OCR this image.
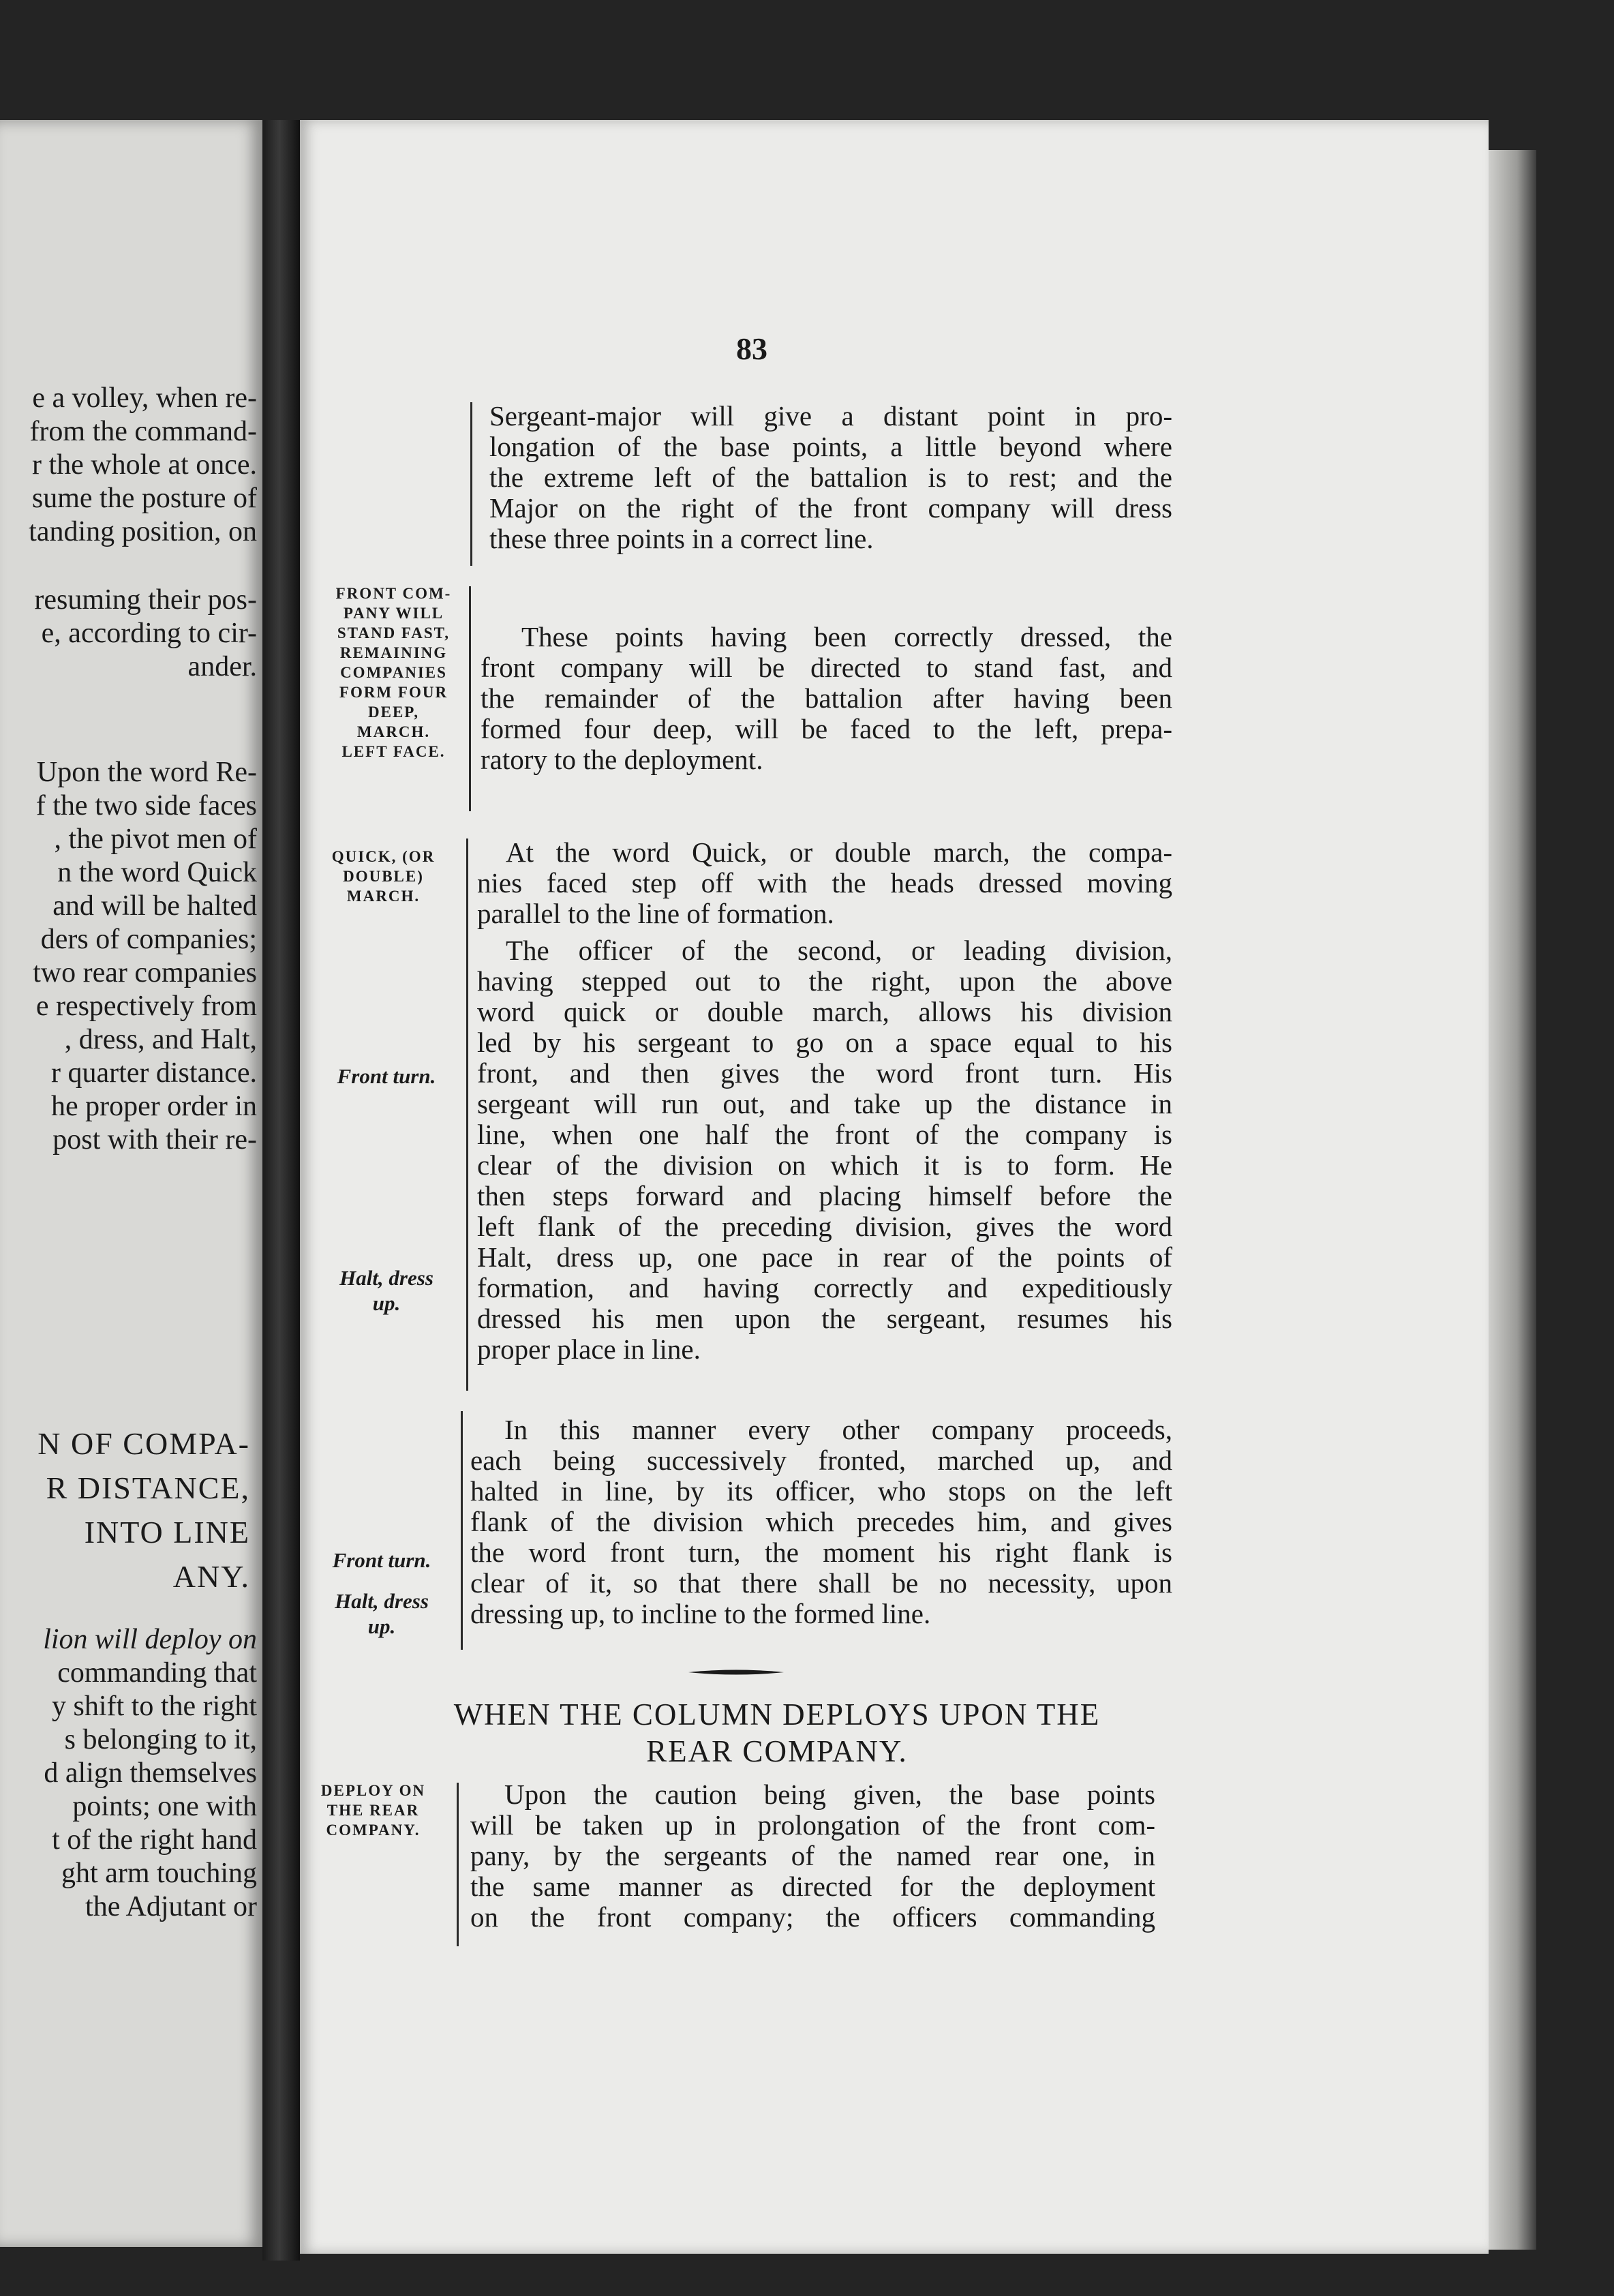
e a volley, when re-
from the command-
r the whole at once.
sume the posture of
tanding position, on
resuming their pos-
e, according to cir-
ander.
Upon the word Re-
f the two side faces
, the pivot men of
n the word Quick
and will be halted
ders of companies;
two rear companies
e respectively from
, dress, and Halt,
r quarter distance.
he proper order in
post with their re-
N OF COMPA-
R DISTANCE,
INTO LINE
ANY.
lion will deploy on
commanding that
y shift to the right
s belonging to it,
d align themselves
points; one with
t of the right hand
ght arm touching
the Adjutant or
83
Sergeant-major will give a distant point in pro-
longation of the base points, a little beyond where
the extreme left of the battalion is to rest; and the
Major on the right of the front company will dress
these three points in a correct line.
FRONT COM-
PANY WILL
STAND FAST,
REMAINING
COMPANIES
FORM FOUR
DEEP,
MARCH.
LEFT FACE.
These points having been correctly dressed, the
front company will be directed to stand fast, and
the remainder of the battalion after having been
formed four deep, will be faced to the left, prepa-
ratory to the deployment.
QUICK, (OR
DOUBLE)
MARCH.
At the word Quick, or double march, the compa-
nies faced step off with the heads dressed moving
parallel to the line of formation.
The officer of the second, or leading division,
having stepped out to the right, upon the above
word quick or double march, allows his division
led by his sergeant to go on a space equal to his
front, and then gives the word front turn. His
sergeant will run out, and take up the distance in
line, when one half the front of the company is
clear of the division on which it is to form. He
then steps forward and placing himself before the
left flank of the preceding division, gives the word
Halt, dress up, one pace in rear of the points of
formation, and having correctly and expeditiously
dressed his men upon the sergeant, resumes his
proper place in line.
Front turn.
Halt, dress
up.
In this manner every other company proceeds,
each being successively fronted, marched up, and
halted in line, by its officer, who stops on the left
flank of the division which precedes him, and gives
the word front turn, the moment his right flank is
clear of it, so that there shall be no necessity, upon
dressing up, to incline to the formed line.
Front turn.
Halt, dress
up.
WHEN THE COLUMN DEPLOYS UPON THE
REAR COMPANY.
DEPLOY ON
THE REAR
COMPANY.
Upon the caution being given, the base points
will be taken up in prolongation of the front com-
pany, by the sergeants of the named rear one, in
the same manner as directed for the deployment
on the front company; the officers commanding
